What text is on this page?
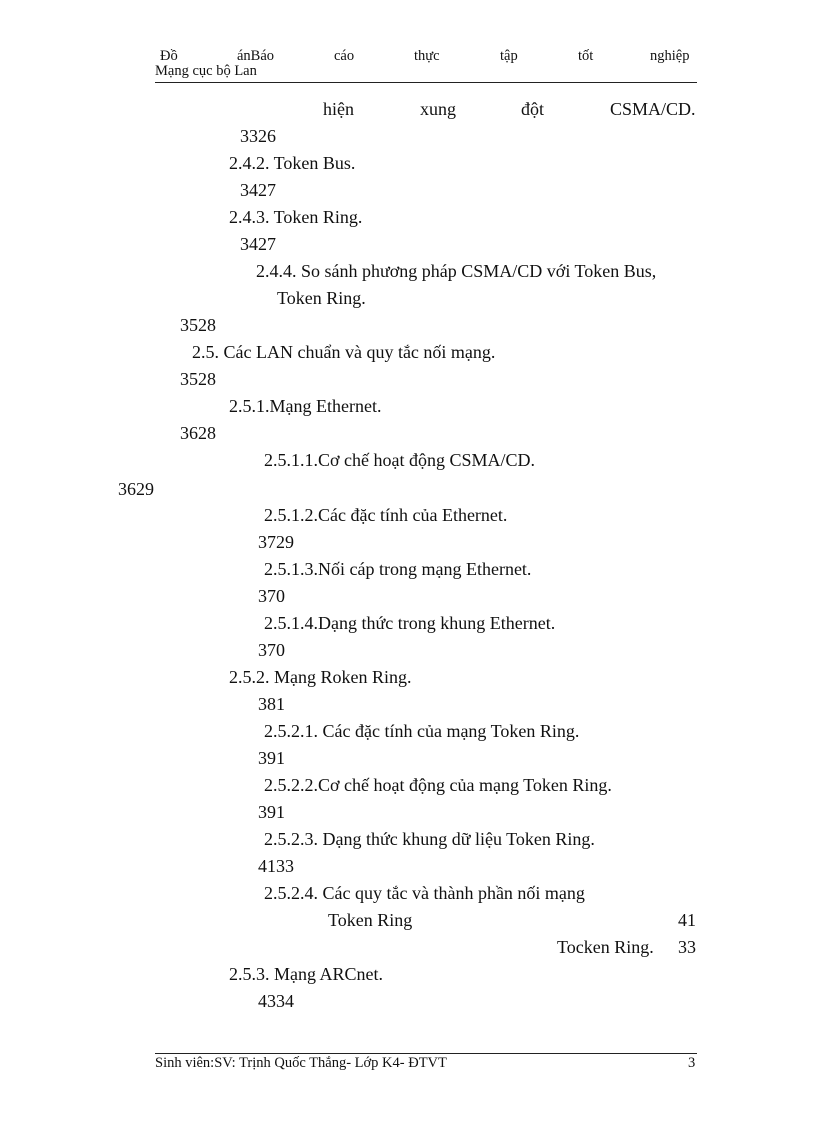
Đồ	ánBáo	cáo	thực	tập	tốt	nghiệp
Mạng cục bộ Lan
hiện	xung	đột	CSMA/CD.
3326
2.4.2. Token Bus.
3427
2.4.3. Token Ring.
3427
2.4.4. So sánh phương pháp CSMA/CD với Token Bus,
Token Ring.
3528
2.5. Các LAN chuẩn và quy tắc nối mạng.
3528
2.5.1.Mạng Ethernet.
3628
2.5.1.1.Cơ chế hoạt động CSMA/CD.
3629
2.5.1.2.Các đặc tính của Ethernet.
3729
2.5.1.3.Nối cáp trong mạng Ethernet.
370
2.5.1.4.Dạng thức trong khung Ethernet.
370
2.5.2. Mạng Roken Ring.
381
2.5.2.1. Các đặc tính của mạng Token Ring.
391
2.5.2.2.Cơ chế hoạt động của mạng Token Ring.
391
2.5.2.3. Dạng thức khung dữ liệu Token Ring.
4133
2.5.2.4. Các quy tắc và thành phần nối mạng
Token Ring	41
Tocken Ring. 33
2.5.3. Mạng ARCnet.
4334
Sinh viên:SV: Trịnh Quốc Thắng- Lớp K4- ĐTVT	3
